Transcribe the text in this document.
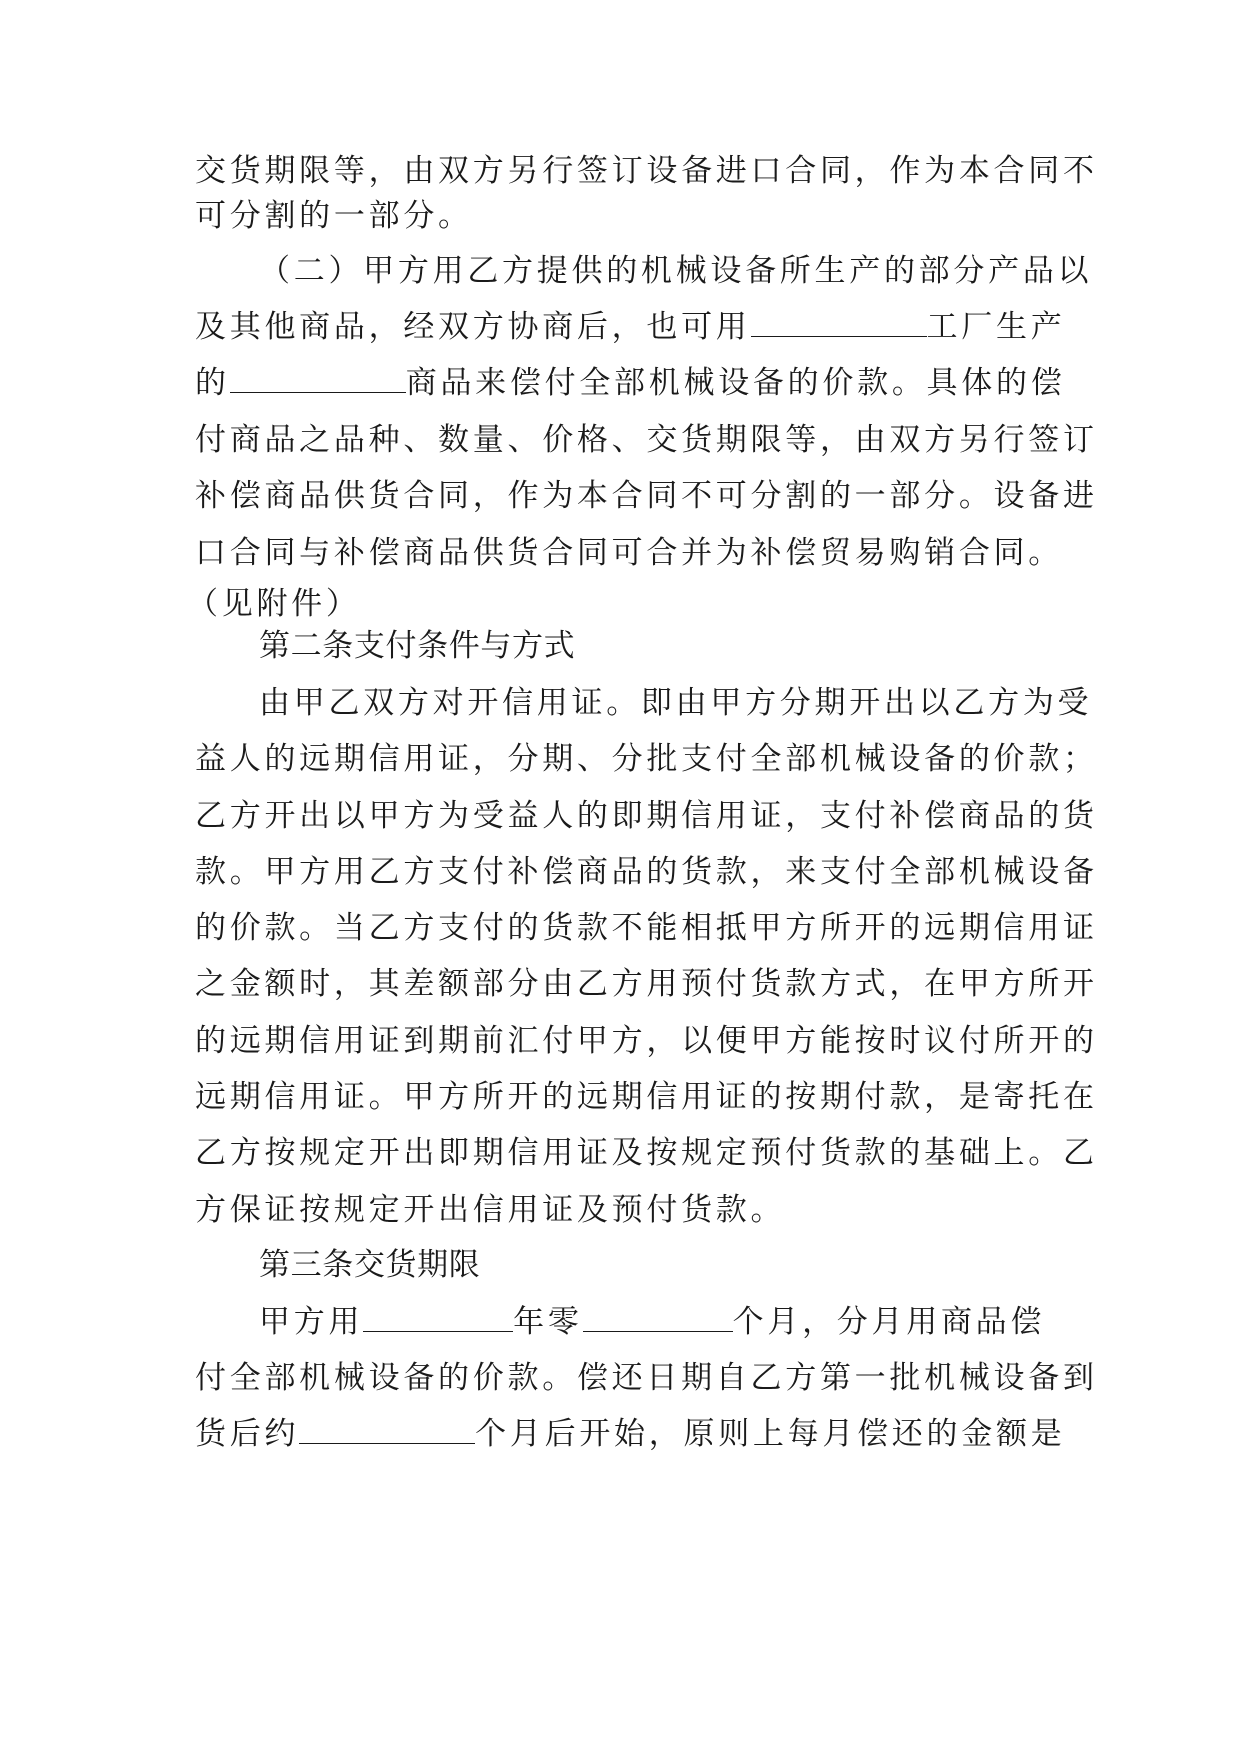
交货期限等，由双方另行签订设备进口合同，作为本合同不
可分割的一部分。
（二）甲方用乙方提供的机械设备所生产的部分产品以
及其他商品，经双方协商后，也可用	工厂生产
的	商品来偿付全部机械设备的价款。具体的偿
付商品之品种、数量、价格、交货期限等，由双方另行签订
补偿商品供货合同，作为本合同不可分割的一部分。设备进
口合同与补偿商品供货合同可合并为补偿贸易购销合同。
（见附件）
第二条支付条件与方式
由甲乙双方对开信用证。即由甲方分期开出以乙方为受
益人的远期信用证，分期、分批支付全部机械设备的价款；
乙方开出以甲方为受益人的即期信用证，支付补偿商品的货
款。甲方用乙方支付补偿商品的货款，来支付全部机械设备
的价款。当乙方支付的货款不能相抵甲方所开的远期信用证
之金额时，其差额部分由乙方用预付货款方式，在甲方所开
的远期信用证到期前汇付甲方，以便甲方能按时议付所开的
远期信用证。甲方所开的远期信用证的按期付款，是寄托在
乙方按规定开出即期信用证及按规定预付货款的基础上。乙
方保证按规定开出信用证及预付货款。
第三条交货期限
甲方用	年零	个月，分月用商品偿
付全部机械设备的价款。偿还日期自乙方第一批机械设备到
货后约	个月后开始，原则上每月偿还的金额是
